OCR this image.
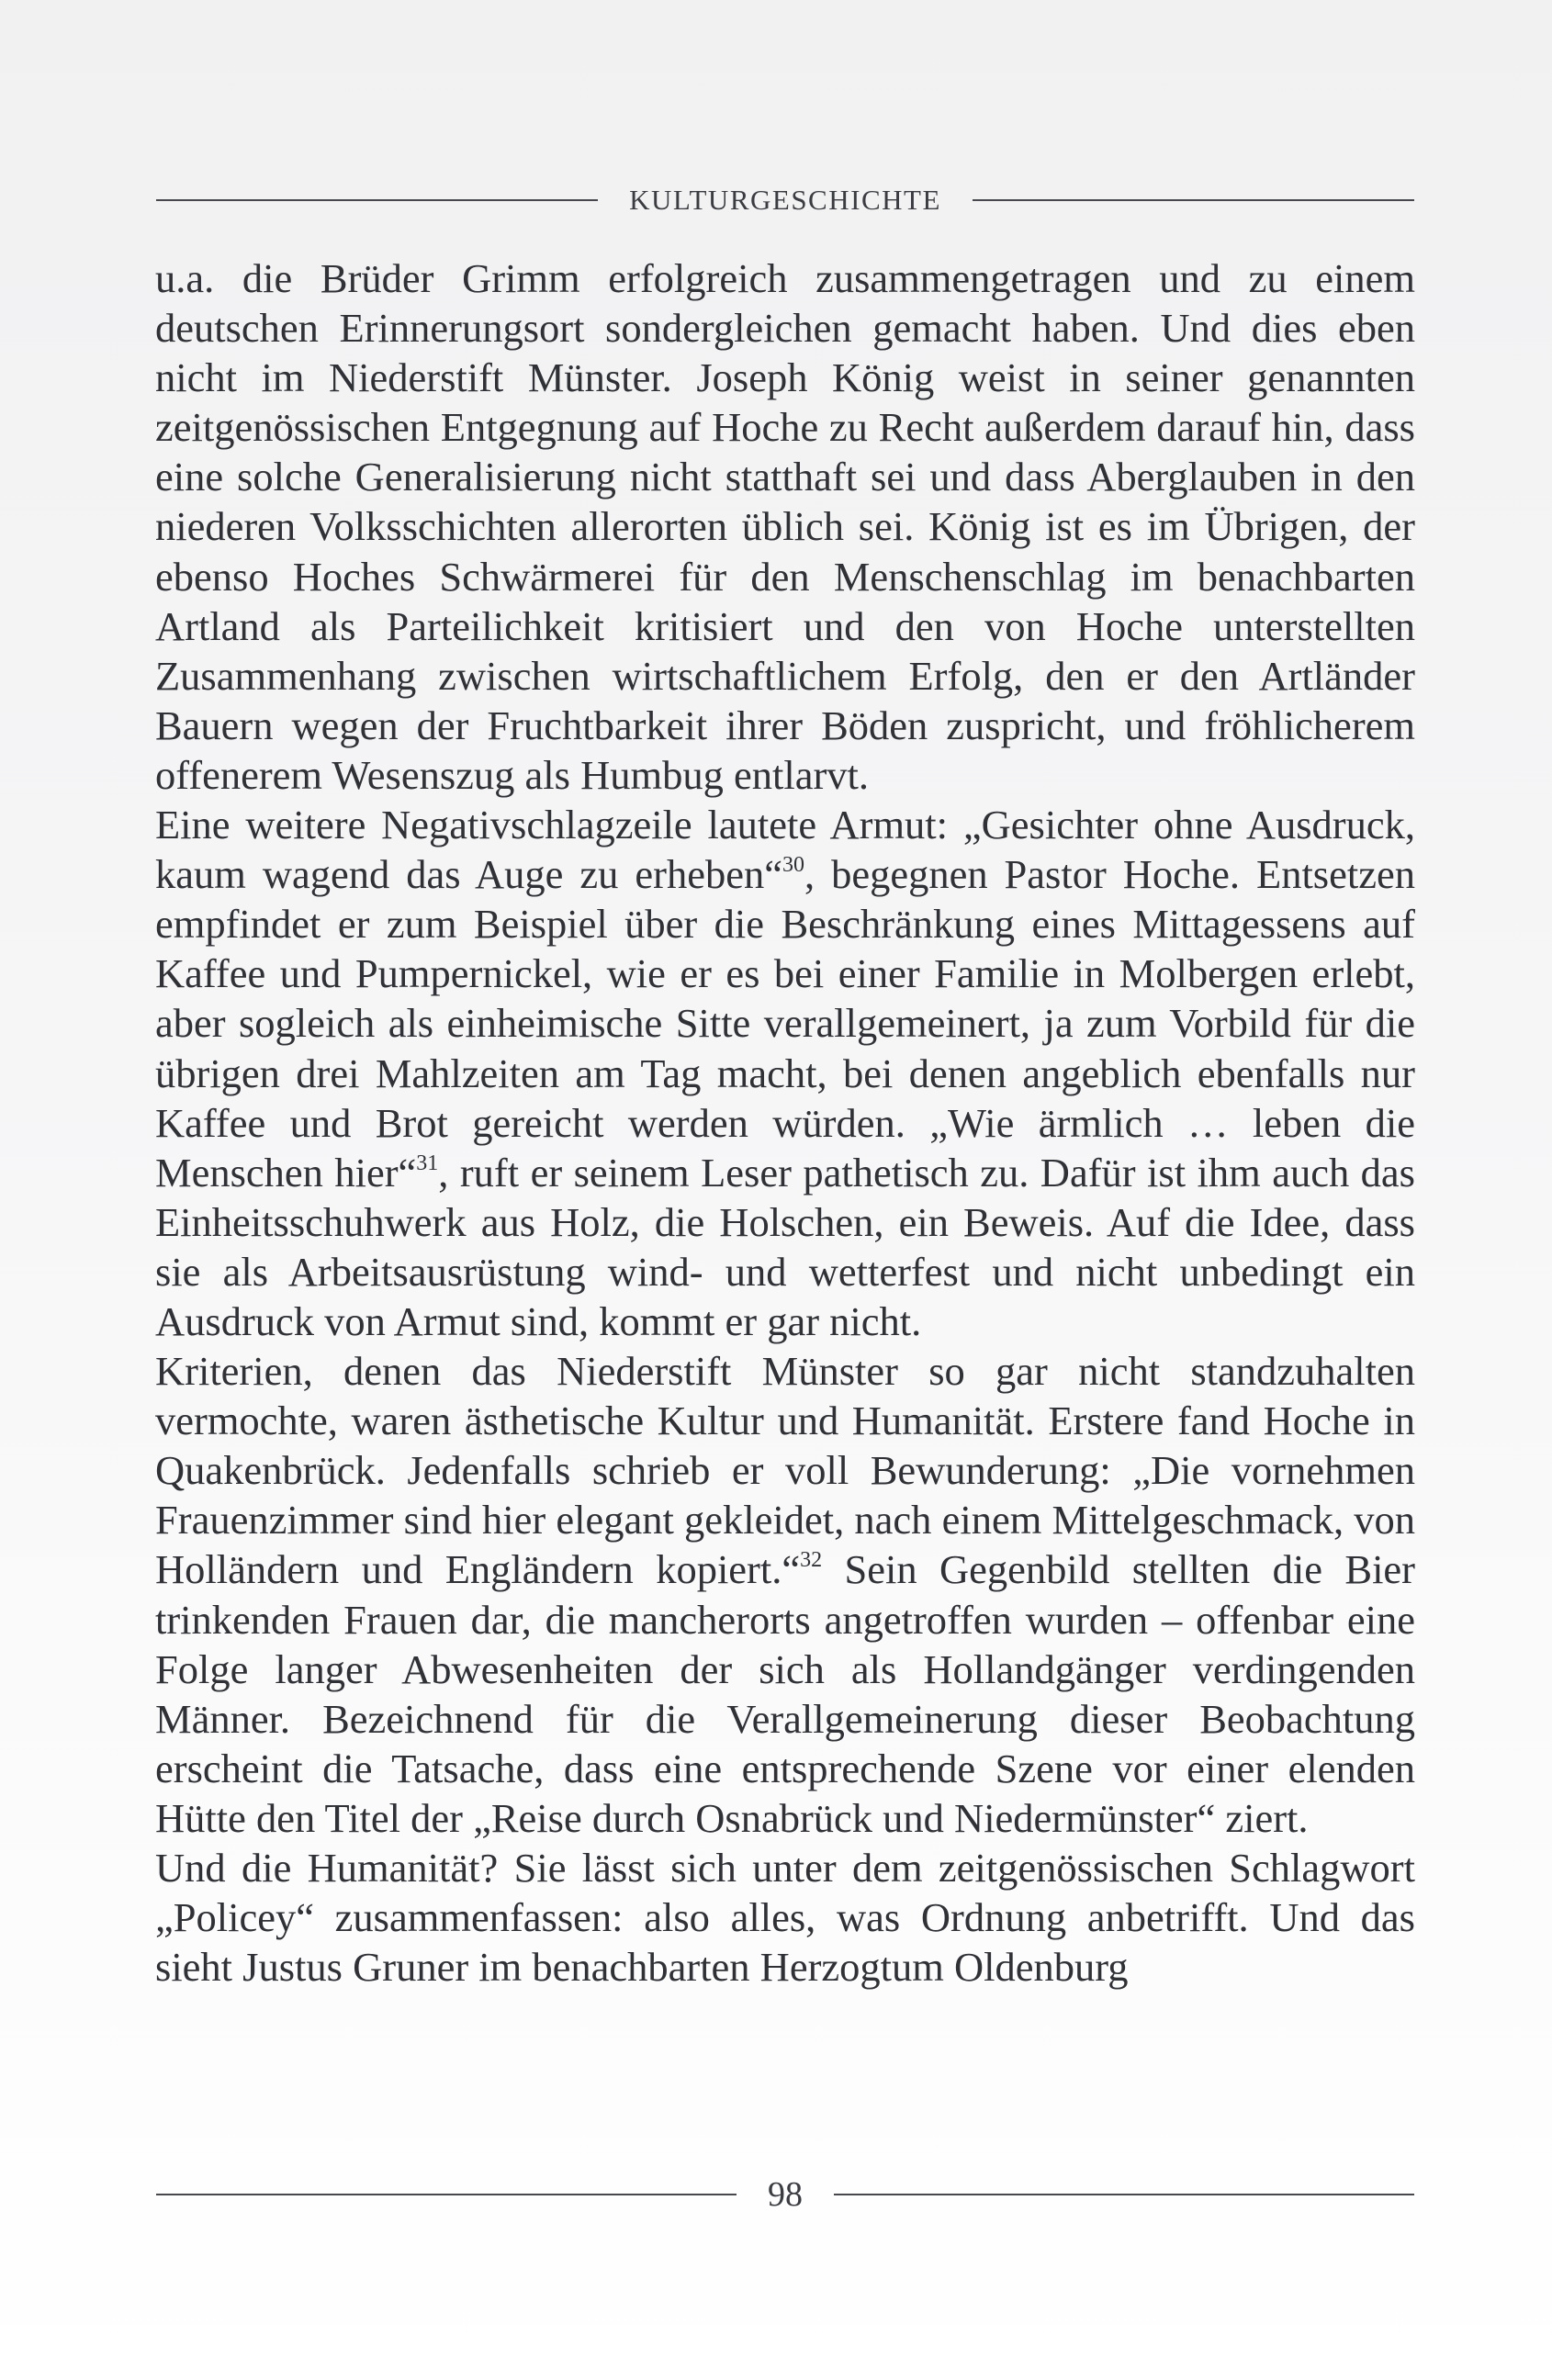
KULTURGESCHICHTE

u.a. die Brüder Grimm erfolgreich zusammengetragen und zu einem deutschen Erinnerungsort sondergleichen gemacht haben. Und dies eben nicht im Niederstift Münster. Joseph König weist in seiner genannten zeitgenössischen Entgegnung auf Hoche zu Recht außerdem darauf hin, dass eine solche Generalisierung nicht statthaft sei und dass Aberglauben in den niederen Volksschichten allerorten üblich sei. König ist es im Übrigen, der ebenso Hoches Schwärmerei für den Menschenschlag im benachbarten Artland als Parteilichkeit kritisiert und den von Hoche unterstellten Zusammenhang zwischen wirtschaftlichem Erfolg, den er den Artländer Bauern wegen der Fruchtbarkeit ihrer Böden zuspricht, und fröhlicherem offenerem Wesenszug als Humbug entlarvt.

Eine weitere Negativschlagzeile lautete Armut: „Gesichter ohne Ausdruck, kaum wagend das Auge zu erheben“$^{30}$, begegnen Pastor Hoche. Entsetzen empfindet er zum Beispiel über die Beschränkung eines Mittagessens auf Kaffee und Pumpernickel, wie er es bei einer Familie in Molbergen erlebt, aber sogleich als einheimische Sitte verallgemeinert, ja zum Vorbild für die übrigen drei Mahlzeiten am Tag macht, bei denen angeblich ebenfalls nur Kaffee und Brot gereicht werden würden. „Wie ärmlich … leben die Menschen hier“$^{31}$, ruft er seinem Leser pathetisch zu. Dafür ist ihm auch das Einheitsschuhwerk aus Holz, die Holschen, ein Beweis. Auf die Idee, dass sie als Arbeitsausrüstung wind- und wetterfest und nicht unbedingt ein Ausdruck von Armut sind, kommt er gar nicht.

Kriterien, denen das Niederstift Münster so gar nicht standzuhalten vermochte, waren ästhetische Kultur und Humanität. Erstere fand Hoche in Quakenbrück. Jedenfalls schrieb er voll Bewunderung: „Die vornehmen Frauenzimmer sind hier elegant gekleidet, nach einem Mittelgeschmack, von Holländern und Engländern kopiert.“$^{32}$ Sein Gegenbild stellten die Bier trinkenden Frauen dar, die mancherorts angetroffen wurden – offenbar eine Folge langer Abwesenheiten der sich als Hollandgänger verdingenden Männer. Bezeichnend für die Verallgemeinerung dieser Beobachtung erscheint die Tatsache, dass eine entsprechende Szene vor einer elenden Hütte den Titel der „Reise durch Osnabrück und Niedermünster“ ziert.

Und die Humanität? Sie lässt sich unter dem zeitgenössischen Schlagwort „Policey“ zusammenfassen: also alles, was Ordnung anbetrifft. Und das sieht Justus Gruner im benachbarten Herzogtum Oldenburg

98
